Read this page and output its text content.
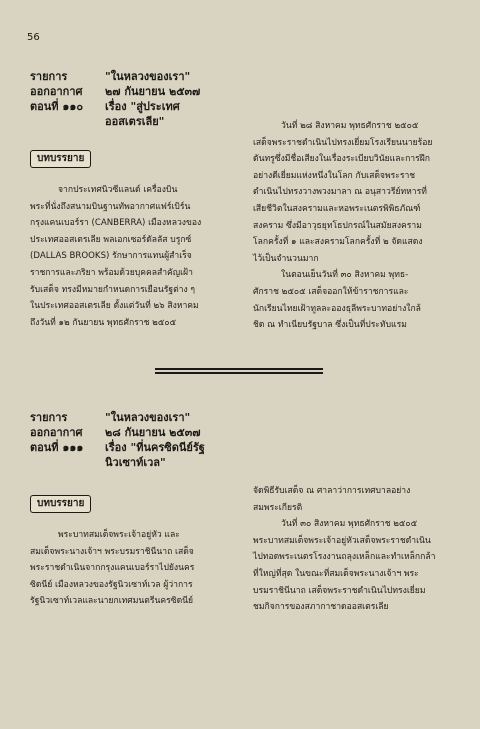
56
รายการ	"ในหลวงของเรา"
ออกอากาศ	๒๗ กันยายน ๒๕๓๗
ตอนที่ ๑๑๐	เรื่อง "สู่ประเทศ
ออสเตรเลีย"
บทบรรยาย

จากประเทศนิวซีแลนด์ เครื่องบิน

พระที่นั่งถึงสนามบินฐานทัพอากาศแฟร์เบิร์น

กรุงแคนเบอร์รา (CANBERRA) เมืองหลวงของ

ประเทศออสเตรเลีย พลเอกเซอร์ดัลลัส บรูกซ์

(DALLAS BROOKS) รักษาการแทนผู้สำเร็จ

ราชการและภริยา พร้อมด้วยบุคคลสำคัญเฝ้า

รับเสด็จ ทรงมีหมายกำหนดการเยือนรัฐต่าง ๆ

ในประเทศออสเตรเลีย ตั้งแต่วันที่ ๒๖ สิงหาคม

ถึงวันที่ ๑๒ กันยายน พุทธศักราช ๒๕๐๕

วันที่ ๒๘ สิงหาคม พุทธศักราช ๒๕๐๕

เสด็จพระราชดำเนินไปทรงเยี่ยมโรงเรียนนายร้อย

ดันทรูซึ่งมีชื่อเสียงในเรื่องระเบียบวินัยและการฝึก

อย่างดีเยี่ยมแห่งหนึ่งในโลก กับเสด็จพระราช

ดำเนินไปทรงวางพวงมาลา ณ อนุสาวรีย์ทหารที่

เสียชีวิตในสงครามและหอพระเนตรพิพิธภัณฑ์

สงคราม ซึ่งมีอาวุธยุทโธปกรณ์ในสมัยสงคราม

โลกครั้งที่ ๑ และสงครามโลกครั้งที่ ๒ จัดแสดง

ไว้เป็นจำนวนมาก

ในตอนเย็นวันที่ ๓๐ สิงหาคม พุทธ-

ศักราช ๒๕๐๕ เสด็จออกให้ข้าราชการและ

นักเรียนไทยเฝ้าทูลละอองธุลีพระบาทอย่างใกล้

ชิด ณ ทำเนียบรัฐบาล ซึ่งเป็นที่ประทับแรม

รายการ	"ในหลวงของเรา"
ออกอากาศ	๒๘ กันยายน ๒๕๓๗
ตอนที่ ๑๑๑	เรื่อง "ที่นครซิดนีย์รัฐ
นิวเซาท์เวล"
บทบรรยาย

พระบาทสมเด็จพระเจ้าอยู่หัว และ

สมเด็จพระนางเจ้าฯ พระบรมราชินีนาถ เสด็จ

พระราชดำเนินจากกรุงแคนเบอร์ราไปยังนคร

ซิดนีย์ เมืองหลวงของรัฐนิวเซาท์เวล ผู้ว่าการ

รัฐนิวเซาท์เวลและนายกเทศมนตรีนครซิดนีย์

จัดพิธีรับเสด็จ ณ ศาลาว่าการเทศบาลอย่าง

สมพระเกียรติ

วันที่ ๓๐ สิงหาคม พุทธศักราช ๒๕๐๕

พระบาทสมเด็จพระเจ้าอยู่หัวเสด็จพระราชดำเนิน

ไปทอดพระเนตรโรงงานถลุงเหล็กและทำเหล็กกล้า

ที่ใหญ่ที่สุด ในขณะที่สมเด็จพระนางเจ้าฯ พระ

บรมราชินีนาถ เสด็จพระราชดำเนินไปทรงเยี่ยม

ชมกิจการของสภากาชาดออสเตรเลีย
